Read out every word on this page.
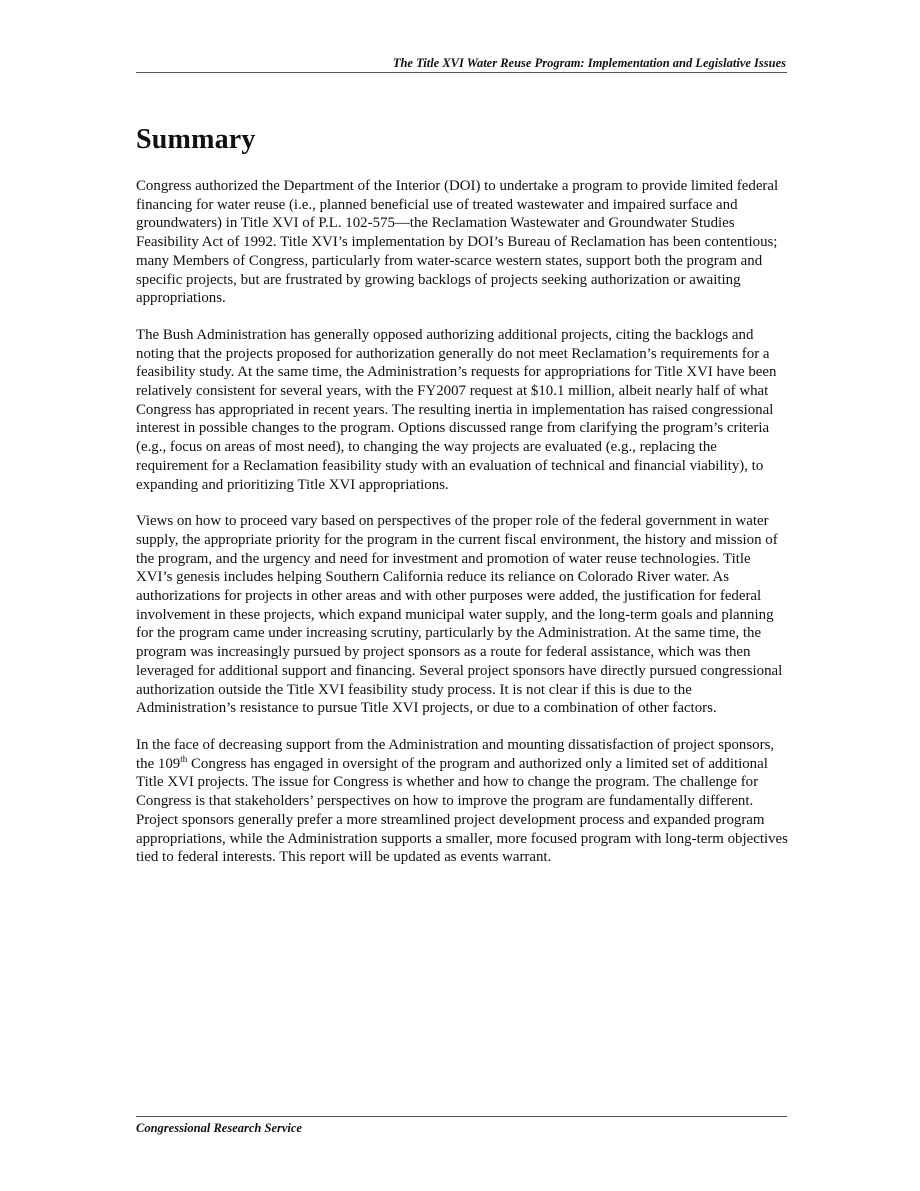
The Title XVI Water Reuse Program: Implementation and Legislative Issues
Summary

Congress authorized the Department of the Interior (DOI) to undertake a program to provide limited federal financing for water reuse (i.e., planned beneficial use of treated wastewater and impaired surface and groundwaters) in Title XVI of P.L. 102-575—the Reclamation Wastewater and Groundwater Studies Feasibility Act of 1992. Title XVI’s implementation by DOI’s Bureau of Reclamation has been contentious; many Members of Congress, particularly from water-scarce western states, support both the program and specific projects, but are frustrated by growing backlogs of projects seeking authorization or awaiting appropriations.

The Bush Administration has generally opposed authorizing additional projects, citing the backlogs and noting that the projects proposed for authorization generally do not meet Reclamation’s requirements for a feasibility study. At the same time, the Administration’s requests for appropriations for Title XVI have been relatively consistent for several years, with the FY2007 request at $10.1 million, albeit nearly half of what Congress has appropriated in recent years. The resulting inertia in implementation has raised congressional interest in possible changes to the program. Options discussed range from clarifying the program’s criteria (e.g., focus on areas of most need), to changing the way projects are evaluated (e.g., replacing the requirement for a Reclamation feasibility study with an evaluation of technical and financial viability), to expanding and prioritizing Title XVI appropriations.

Views on how to proceed vary based on perspectives of the proper role of the federal government in water supply, the appropriate priority for the program in the current fiscal environment, the history and mission of the program, and the urgency and need for investment and promotion of water reuse technologies. Title XVI’s genesis includes helping Southern California reduce its reliance on Colorado River water. As authorizations for projects in other areas and with other purposes were added, the justification for federal involvement in these projects, which expand municipal water supply, and the long-term goals and planning for the program came under increasing scrutiny, particularly by the Administration. At the same time, the program was increasingly pursued by project sponsors as a route for federal assistance, which was then leveraged for additional support and financing. Several project sponsors have directly pursued congressional authorization outside the Title XVI feasibility study process. It is not clear if this is due to the Administration’s resistance to pursue Title XVI projects, or due to a combination of other factors.

In the face of decreasing support from the Administration and mounting dissatisfaction of project sponsors, the 109th Congress has engaged in oversight of the program and authorized only a limited set of additional Title XVI projects. The issue for Congress is whether and how to change the program. The challenge for Congress is that stakeholders’ perspectives on how to improve the program are fundamentally different. Project sponsors generally prefer a more streamlined project development process and expanded program appropriations, while the Administration supports a smaller, more focused program with long-term objectives tied to federal interests. This report will be updated as events warrant.

Congressional Research Service
